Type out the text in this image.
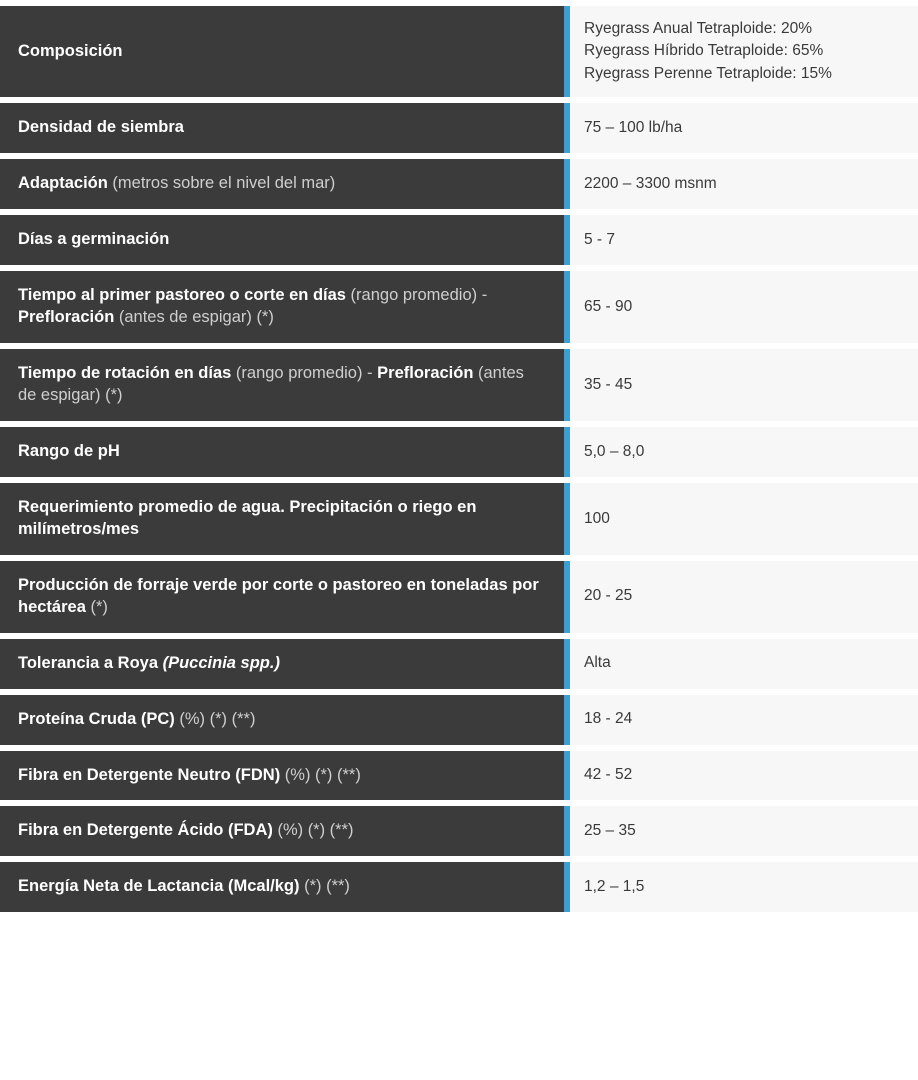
Composición	Ryegrass Anual Tetraploide: 20%
Ryegrass Híbrido Tetraploide: 65%
Ryegrass Perenne Tetraploide: 15%

Densidad de siembra	75 – 100 lb/ha
Adaptación (metros sobre el nivel del mar)	2200 – 3300 msnm
Días a germinación	5 - 7
Tiempo al primer pastoreo o corte en días (rango promedio) - Prefloración (antes de espigar) (*)	65 - 90
Tiempo de rotación en días (rango promedio) - Prefloración (antes de espigar) (*)	35 - 45
Rango de pH	5,0 – 8,0
Requerimiento promedio de agua. Precipitación o riego en milímetros/mes	100
Producción de forraje verde por corte o pastoreo en toneladas por hectárea (*)	20 - 25
Tolerancia a Roya (Puccinia spp.)	Alta
Proteína Cruda (PC) (%) (*) (**)	18 - 24
Fibra en Detergente Neutro (FDN) (%) (*) (**)	42 - 52
Fibra en Detergente Ácido (FDA) (%) (*) (**)	25 – 35
Energía Neta de Lactancia (Mcal/kg) (*) (**)	1,2 – 1,5
